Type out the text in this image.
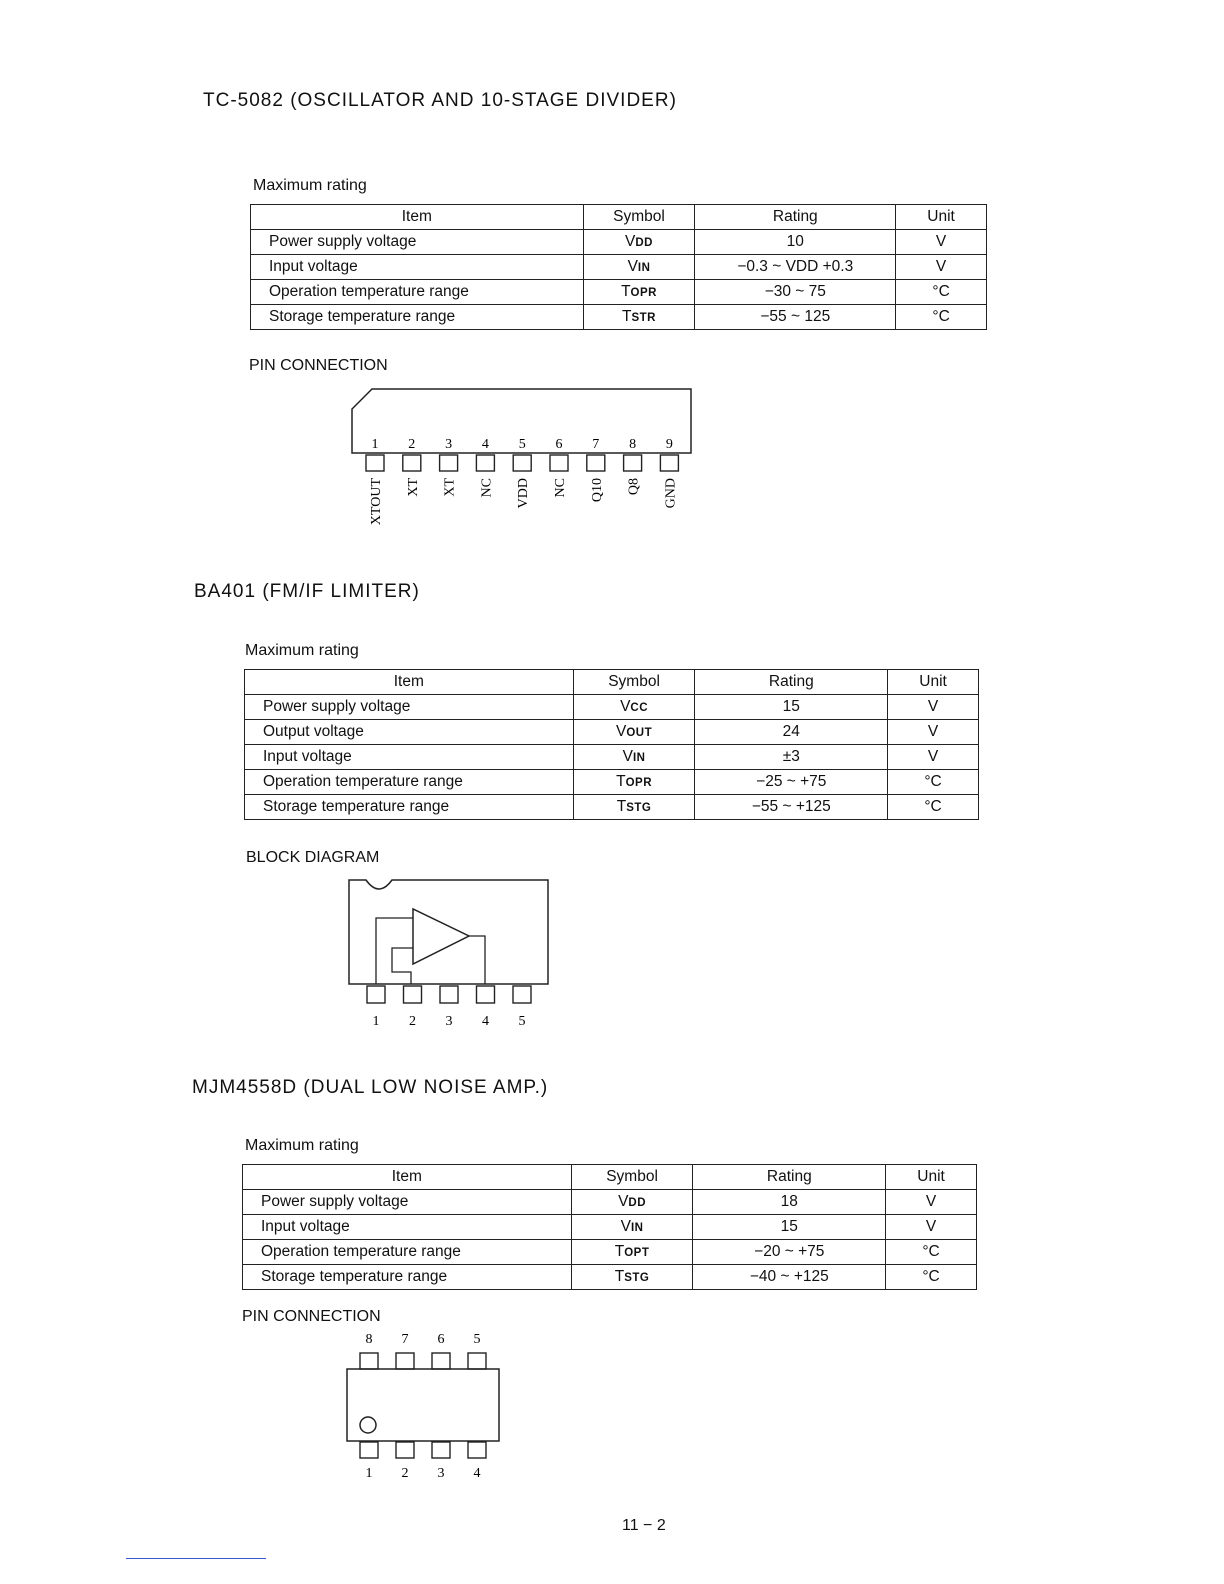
TC-5082 (OSCILLATOR AND 10-STAGE DIVIDER)
Maximum rating
Item	Symbol	Rating	Unit
Power supply voltage	VDD	10	V
Input voltage	VIN	−0.3 ~ VDD +0.3	V
Operation temperature range	TOPR	−30 ~ 75	°C
Storage temperature range	TSTR	−55 ~ 125	°C
PIN CONNECTION
1
XTOUT
2
XT
3
XT
4
NC
5
VDD
6
NC
7
Q10
8
Q8
9
GND
BA401 (FM/IF LIMITER)
Maximum rating
Item	Symbol	Rating	Unit
Power supply voltage	VCC	15	V
Output voltage	VOUT	24	V
Input voltage	VIN	±3	V
Operation temperature range	TOPR	−25 ~ +75	°C
Storage temperature range	TSTG	−55 ~ +125	°C
BLOCK DIAGRAM
1 2 3 4 5
MJM4558D (DUAL LOW NOISE AMP.)
Maximum rating
Item	Symbol	Rating	Unit
Power supply voltage	VDD	18	V
Input voltage	VIN	15	V
Operation temperature range	TOPT	−20 ~ +75	°C
Storage temperature range	TSTG	−40 ~ +125	°C
PIN CONNECTION
8 7 6 5
1 2 3 4
11 − 2
